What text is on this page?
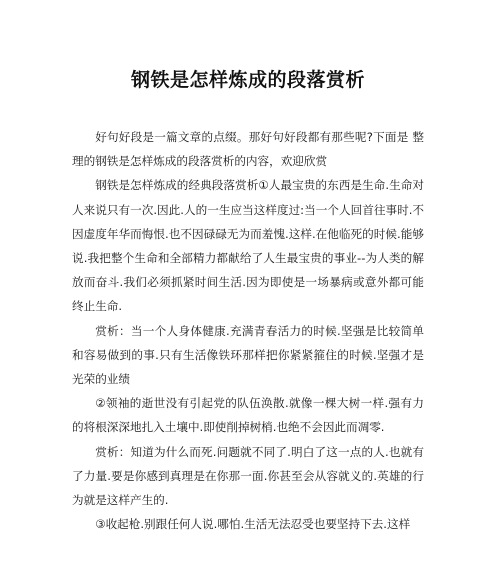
钢铁是怎样炼成的段落赏析

好句好段是一篇文章的点缀。那好句好段都有那些呢?下面是 整理的钢铁是怎样炼成的段落赏析的内容，欢迎欣赏

钢铁是怎样炼成的经典段落赏析①人最宝贵的东西是生命.生命对人来说只有一次.因此.人的一生应当这样度过:当一个人回首往事时.不因虚度年华而悔恨.也不因碌碌无为而羞愧.这样.在他临死的时候.能够说.我把整个生命和全部精力都献给了人生最宝贵的事业--为人类的解放而奋斗.我们必须抓紧时间生活.因为即使是一场暴病或意外都可能终止生命.

赏析：当一个人身体健康.充满青春活力的时候.坚强是比较简单和容易做到的事.只有生活像铁环那样把你紧紧箍住的时候.坚强才是光荣的业绩

②领袖的逝世没有引起党的队伍涣散.就像一棵大树一样.强有力的将根深深地扎入土壤中.即使削掉树梢.也绝不会因此而凋零.

赏析：知道为什么而死.问题就不同了.明白了这一点的人.也就有了力量.要是你感到真理是在你那一面.你甚至会从容就义的.英雄的行为就是这样产生的.

③收起枪.别跟任何人说.哪怕.生活无法忍受也要坚持下去.这样
